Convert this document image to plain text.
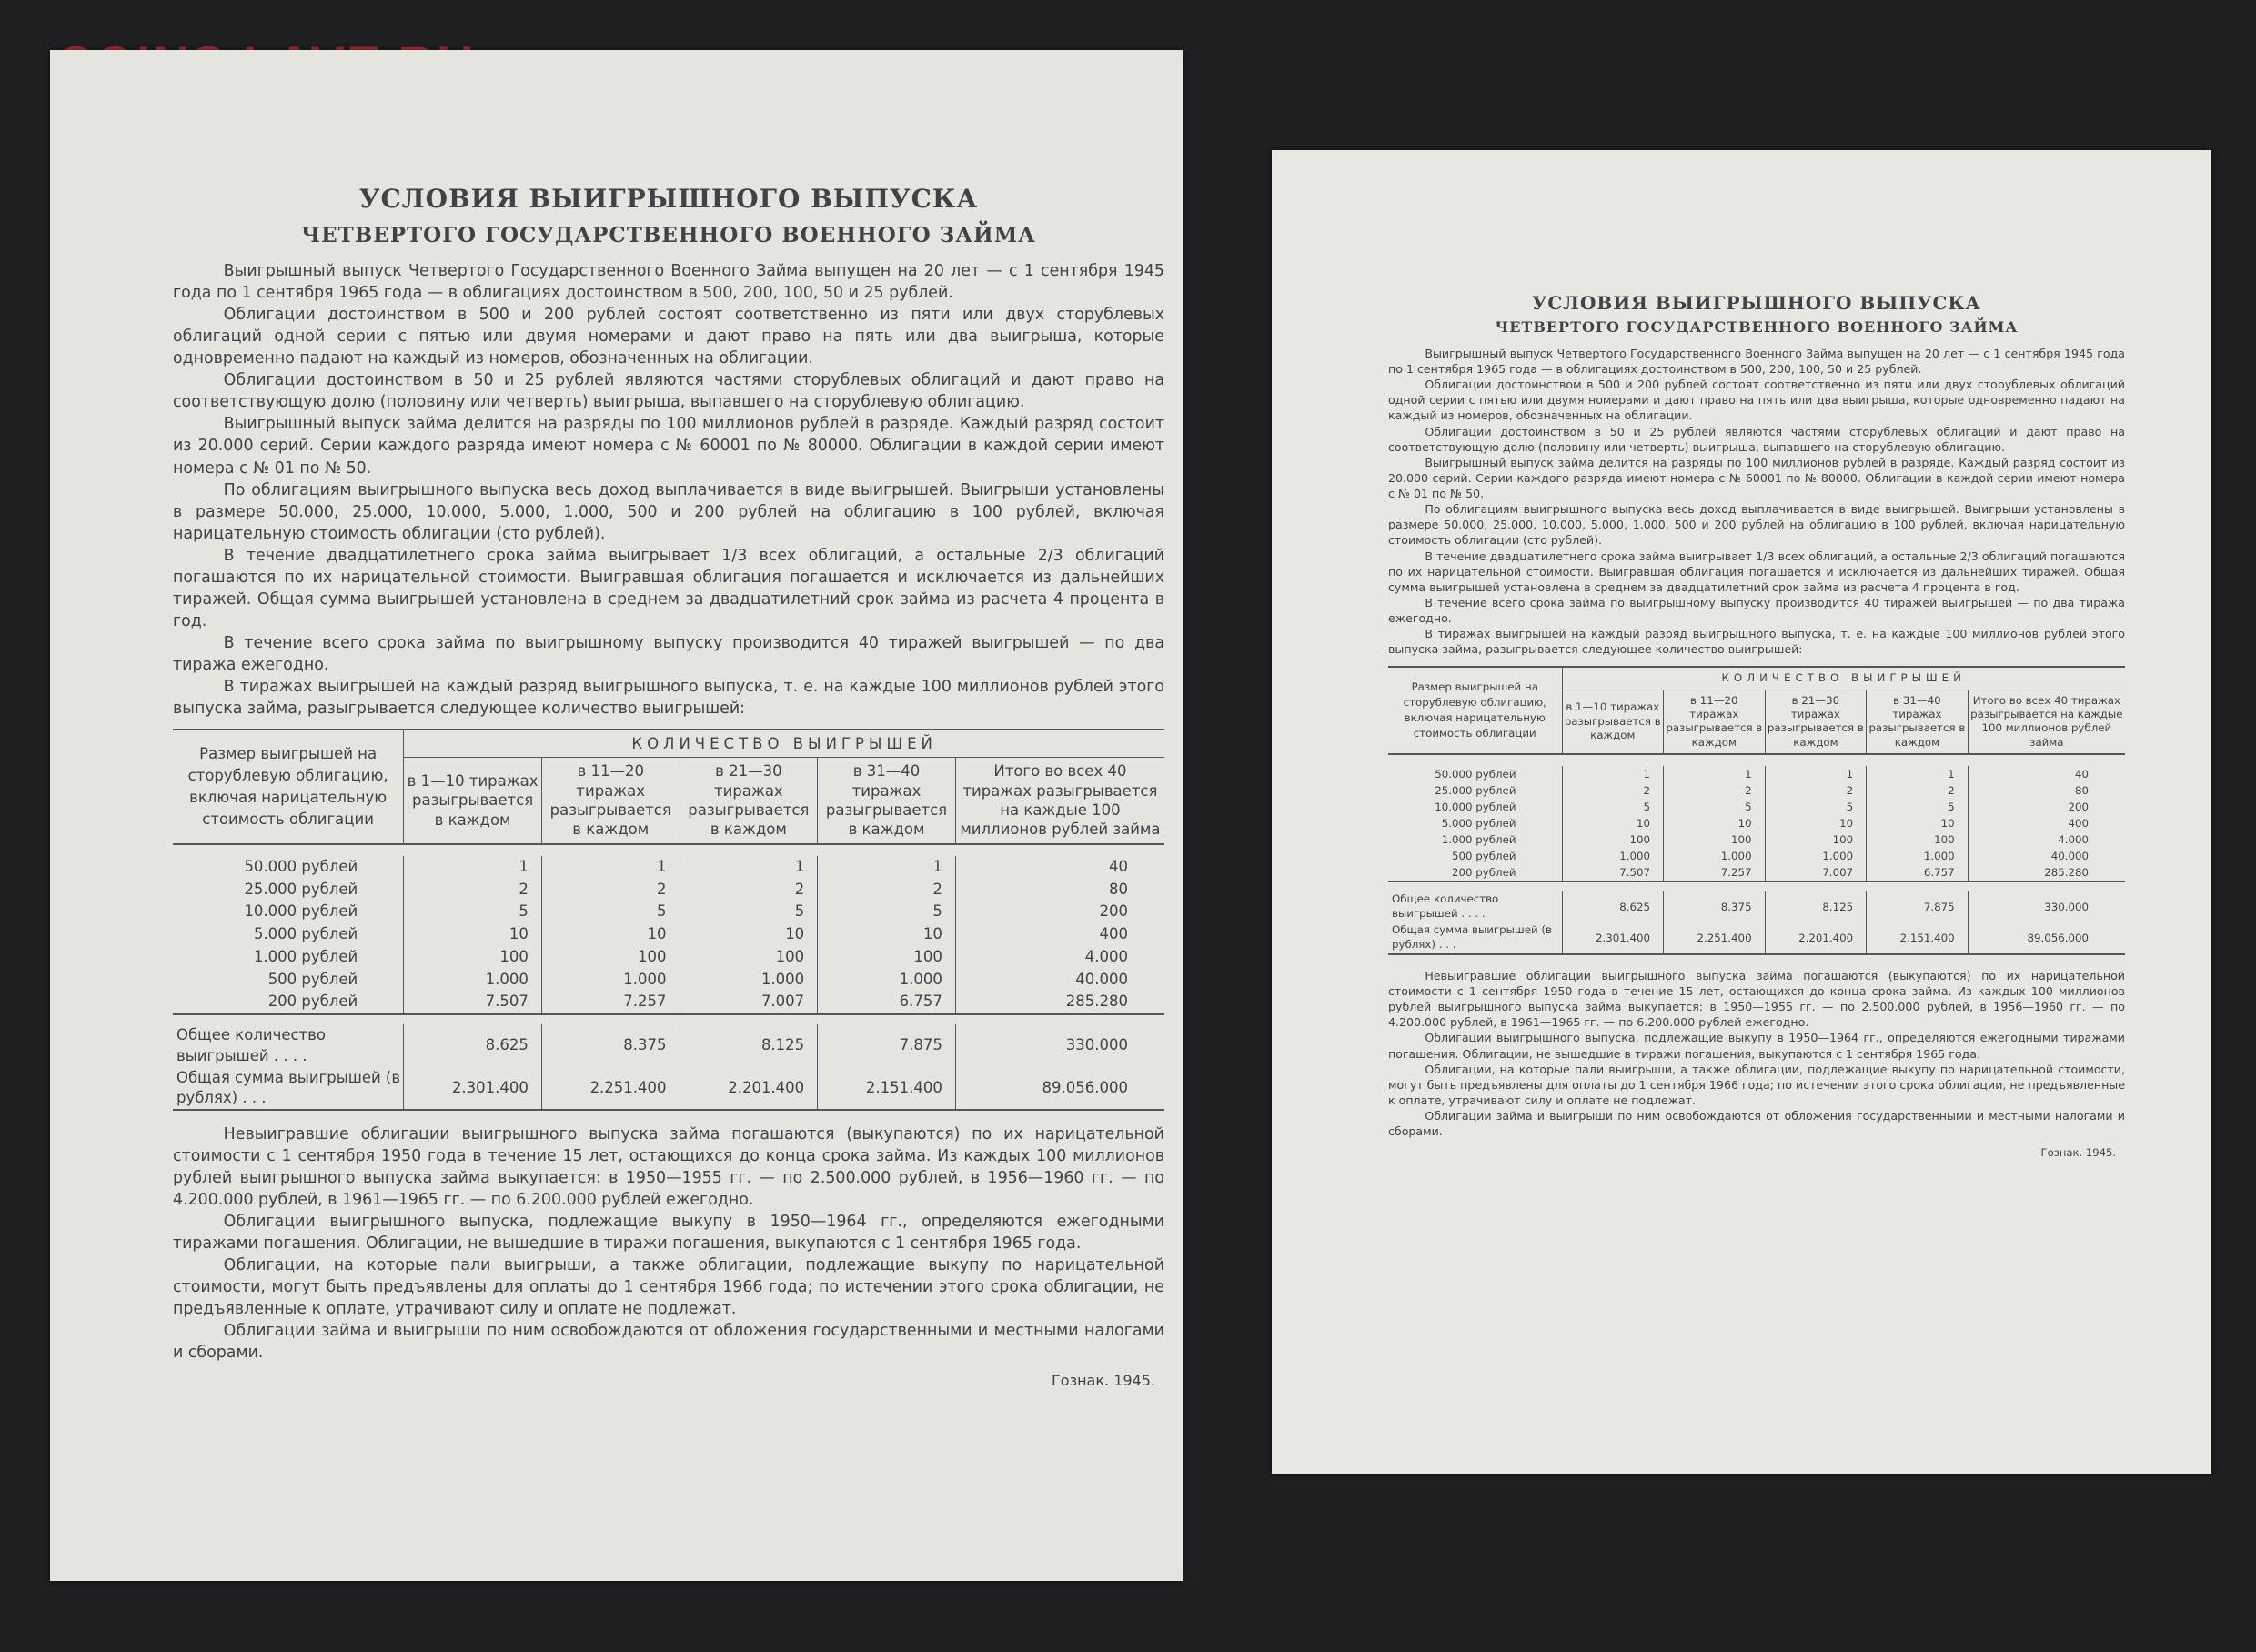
УСЛОВИЯ ВЫИГРЫШНОГО ВЫПУСКА
ЧЕТВЕРТОГО ГОСУДАРСТВЕННОГО ВОЕННОГО ЗАЙМА

Выигрышный выпуск Четвертого Государственного Военного Займа выпущен на 20 лет — с 1 сентября 1945 года по 1 сентября 1965 года — в облигациях достоинством в 500, 200, 100, 50 и 25 рублей.

Облигации достоинством в 500 и 200 рублей состоят соответственно из пяти или двух сторублевых облигаций одной серии с пятью или двумя номерами и дают право на пять или два выигрыша, которые одновременно падают на каждый из номеров, обозначенных на облигации.

Облигации достоинством в 50 и 25 рублей являются частями сторублевых облигаций и дают право на соответствующую долю (половину или четверть) выигрыша, выпавшего на сторублевую облигацию.

Выигрышный выпуск займа делится на разряды по 100 миллионов рублей в разряде. Каждый разряд состоит из 20.000 серий. Серии каждого разряда имеют номера с № 60001 по № 80000. Облигации в каждой серии имеют номера с № 01 по № 50.

По облигациям выигрышного выпуска весь доход выплачивается в виде выигрышей. Выигрыши установлены в размере 50.000, 25.000, 10.000, 5.000, 1.000, 500 и 200 рублей на облигацию в 100 рублей, включая нарицательную стоимость облигации (сто рублей).

В течение двадцатилетнего срока займа выигрывает 1/3 всех облигаций, а остальные 2/3 облигаций погашаются по их нарицательной стоимости. Выигравшая облигация погашается и исключается из дальнейших тиражей. Общая сумма выигрышей установлена в среднем за двадцатилетний срок займа из расчета 4 процента в год.

В течение всего срока займа по выигрышному выпуску производится 40 тиражей выигрышей — по два тиража ежегодно.

В тиражах выигрышей на каждый разряд выигрышного выпуска, т. е. на каждые 100 миллионов рублей этого выпуска займа, разыгрывается следующее количество выигрышей:

Размер выигрышей на сторублевую облигацию, включая нарицательную стоимость облигации	КОЛИЧЕСТВО ВЫИГРЫШЕЙ				
	в 1—10 тиражах разыгрывается в каждом	в 11—20 тиражах разыгрывается в каждом	в 21—30 тиражах разыгрывается в каждом	в 31—40 тиражах разыгрывается в каждом	Итого во всех 40 тиражах разыгрывается на каждые 100 миллионов рублей займа

50.000 рублей	1	1	1	1	40
25.000 рублей	2	2	2	2	80
10.000 рублей	5	5	5	5	200
5.000 рублей	10	10	10	10	400
1.000 рублей	100	100	100	100	4.000
500 рублей	1.000	1.000	1.000	1.000	40.000
200 рублей	7.507	7.257	7.007	6.757	285.280

Общее количество выигрышей . . . .	8.625	8.375	8.125	7.875	330.000
Общая сумма выигрышей (в рублях) . . .	2.301.400	2.251.400	2.201.400	2.151.400	89.056.000

Невыигравшие облигации выигрышного выпуска займа погашаются (выкупаются) по их нарицательной стоимости с 1 сентября 1950 года в течение 15 лет, остающихся до конца срока займа. Из каждых 100 миллионов рублей выигрышного выпуска займа выкупается: в 1950—1955 гг. — по 2.500.000 рублей, в 1956—1960 гг. — по 4.200.000 рублей, в 1961—1965 гг. — по 6.200.000 рублей ежегодно.

Облигации выигрышного выпуска, подлежащие выкупу в 1950—1964 гг., определяются ежегодными тиражами погашения. Облигации, не вышедшие в тиражи погашения, выкупаются с 1 сентября 1965 года.

Облигации, на которые пали выигрыши, а также облигации, подлежащие выкупу по нарицательной стоимости, могут быть предъявлены для оплаты до 1 сентября 1966 года; по истечении этого срока облигации, не предъявленные к оплате, утрачивают силу и оплате не подлежат.

Облигации займа и выигрыши по ним освобождаются от обложения государственными и местными налогами и сборами.

Гознак. 1945.
УСЛОВИЯ ВЫИГРЫШНОГО ВЫПУСКА
ЧЕТВЕРТОГО ГОСУДАРСТВЕННОГО ВОЕННОГО ЗАЙМА

Выигрышный выпуск Четвертого Государственного Военного Займа выпущен на 20 лет — с 1 сентября 1945 года по 1 сентября 1965 года — в облигациях достоинством в 500, 200, 100, 50 и 25 рублей.

Облигации достоинством в 500 и 200 рублей состоят соответственно из пяти или двух сторублевых облигаций одной серии с пятью или двумя номерами и дают право на пять или два выигрыша, которые одновременно падают на каждый из номеров, обозначенных на облигации.

Облигации достоинством в 50 и 25 рублей являются частями сторублевых облигаций и дают право на соответствующую долю (половину или четверть) выигрыша, выпавшего на сторублевую облигацию.

Выигрышный выпуск займа делится на разряды по 100 миллионов рублей в разряде. Каждый разряд состоит из 20.000 серий. Серии каждого разряда имеют номера с № 60001 по № 80000. Облигации в каждой серии имеют номера с № 01 по № 50.

По облигациям выигрышного выпуска весь доход выплачивается в виде выигрышей. Выигрыши установлены в размере 50.000, 25.000, 10.000, 5.000, 1.000, 500 и 200 рублей на облигацию в 100 рублей, включая нарицательную стоимость облигации (сто рублей).

В течение двадцатилетнего срока займа выигрывает 1/3 всех облигаций, а остальные 2/3 облигаций погашаются по их нарицательной стоимости. Выигравшая облигация погашается и исключается из дальнейших тиражей. Общая сумма выигрышей установлена в среднем за двадцатилетний срок займа из расчета 4 процента в год.

В течение всего срока займа по выигрышному выпуску производится 40 тиражей выигрышей — по два тиража ежегодно.

В тиражах выигрышей на каждый разряд выигрышного выпуска, т. е. на каждые 100 миллионов рублей этого выпуска займа, разыгрывается следующее количество выигрышей:

Размер выигрышей на сторублевую облигацию, включая нарицательную стоимость облигации	КОЛИЧЕСТВО ВЫИГРЫШЕЙ				
	в 1—10 тиражах разыгрывается в каждом	в 11—20 тиражах разыгрывается в каждом	в 21—30 тиражах разыгрывается в каждом	в 31—40 тиражах разыгрывается в каждом	Итого во всех 40 тиражах разыгрывается на каждые 100 миллионов рублей займа

50.000 рублей	1	1	1	1	40
25.000 рублей	2	2	2	2	80
10.000 рублей	5	5	5	5	200
5.000 рублей	10	10	10	10	400
1.000 рублей	100	100	100	100	4.000
500 рублей	1.000	1.000	1.000	1.000	40.000
200 рублей	7.507	7.257	7.007	6.757	285.280

Общее количество выигрышей . . . .	8.625	8.375	8.125	7.875	330.000
Общая сумма выигрышей (в рублях) . . .	2.301.400	2.251.400	2.201.400	2.151.400	89.056.000

Невыигравшие облигации выигрышного выпуска займа погашаются (выкупаются) по их нарицательной стоимости с 1 сентября 1950 года в течение 15 лет, остающихся до конца срока займа. Из каждых 100 миллионов рублей выигрышного выпуска займа выкупается: в 1950—1955 гг. — по 2.500.000 рублей, в 1956—1960 гг. — по 4.200.000 рублей, в 1961—1965 гг. — по 6.200.000 рублей ежегодно.

Облигации выигрышного выпуска, подлежащие выкупу в 1950—1964 гг., определяются ежегодными тиражами погашения. Облигации, не вышедшие в тиражи погашения, выкупаются с 1 сентября 1965 года.

Облигации, на которые пали выигрыши, а также облигации, подлежащие выкупу по нарицательной стоимости, могут быть предъявлены для оплаты до 1 сентября 1966 года; по истечении этого срока облигации, не предъявленные к оплате, утрачивают силу и оплате не подлежат.

Облигации займа и выигрыши по ним освобождаются от обложения государственными и местными налогами и сборами.

Гознак. 1945.
